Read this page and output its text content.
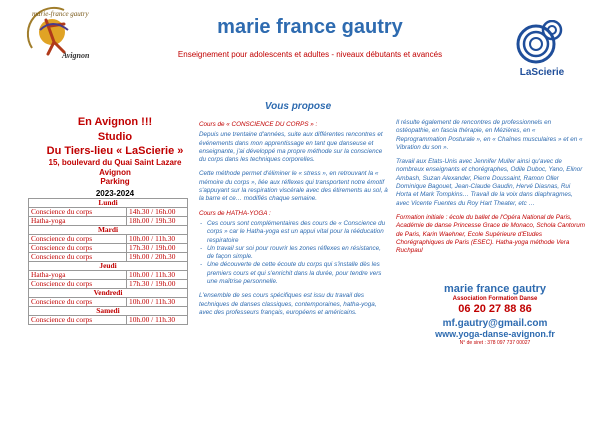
marie-france gautry
Avignon
marie france gautry
Enseignement pour adolescents et adultes - niveaux débutants et avancés
LaScierie
En Avignon !!!
Studio
Du Tiers-lieu « LaScierie »
15, boulevard du Quai Saint Lazare
Avignon
Parking
2023-2024
Lundi	
Conscience du corps	14h.30 / 16h.00
Hatha-yoga	18h.00 / 19h.30
Mardi	
Conscience du corps	10h.00 / 11h.30
Conscience du corps	17h.30 / 19h.00
Conscience du corps	19h.00 / 20h.30
Jeudi	
Hatha-yoga	10h.00 / 11h.30
Conscience du corps	17h.30 / 19h.00
Vendredi	
Conscience du corps	10h.00 / 11h.30
Samedi	
Conscience du corps	10h.00 / 11h.30
Vous propose

Cours de « CONSCIENCE DU CORPS » :

Depuis une trentaine d'années, suite aux différentes rencontres et événements dans mon apprentissage en tant que danseuse et enseignante, j'ai développé ma propre méthode sur la conscience du corps dans les techniques corporelles.

Cette méthode permet d'éliminer le « stress », en retrouvant la « mémoire du corps », liée aux réflexes qui transportent notre émotif s'appuyant sur la respiration viscérale avec des étirements au sol, à la barre et ce… modifiés chaque semaine.

Cours de HATHA-YOGA :

- Ces cours sont complémentaires des cours de « Conscience du corps » car le Hatha-yoga est un appui vital pour la rééducation respiratoire
- Un travail sur soi pour rouvrir les zones réflexes en résistance, de façon simple.
- Une découverte de cette écoute du corps qui s'installe dès les premiers cours et qui s'enrichit dans la durée, pour tendre vers une maîtrise personnelle.

L'ensemble de ses cours spécifiques est issu du travail des techniques de danses classiques, contemporaines, hatha-yoga, avec des professeurs français, européens et américains.

Il résulte également de rencontres de professionnels en ostéopathie, en fascia thérapie, en Mézières, en « Reprogrammation Posturale », en « Chaînes musculaires » et en « Vibration du son ».

Travail aux Etats-Unis avec Jennifer Muller ainsi qu'avec de nombreux enseignants et chorégraphes, Odile Duboc, Yano, Elinor Ambash, Suzan Alexander, Pierre Doussaint, Ramon Oller Dominique Bagouet, Jean-Claude Gaudin, Hervé Diasnas, Rui Horta et Mark Tompkins… Travail de la voix dans diaphragmes, avec Vicente Fuentes du Roy Hart Theater, etc …

Formation initiale : école du ballet de l'Opéra National de Paris, Académie de danse Princesse Grace de Monaco, Schola Cantorum de Paris, Karin Waehner, Ecole Supérieure d'Etudes Chorégraphiques de Paris (ESEC). Hatha-yoga méthode Vera Ruchpaul

marie france gautry
Association Formation Danse
06 20 27 88 86
mf.gautry@gmail.com
www.yoga-danse-avignon.fr
N° de siret : 378 097 737 00027
